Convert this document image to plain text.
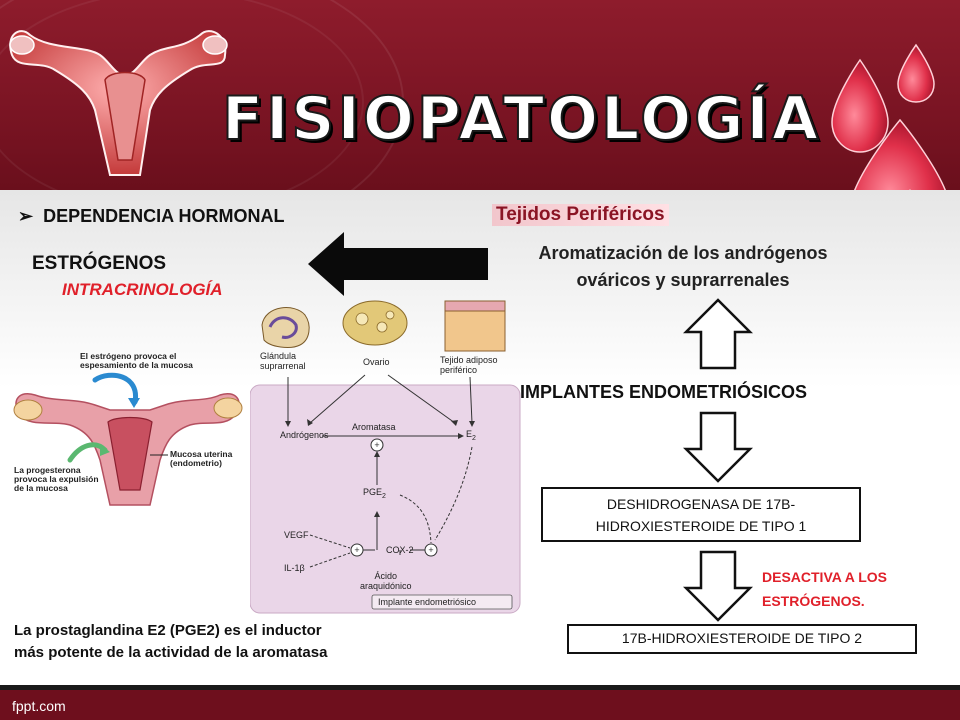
FISIOPATOLOGÍA
➢ DEPENDENCIA HORMONAL
ESTRÓGENOS
INTRACRINOLOGÍA
Tejidos Periféricos
Aromatización de los andrógenos
ováricos y suprarrenales
IMPLANTES ENDOMETRIÓSICOS
DESHIDROGENASA DE 17B-
HIDROXIESTEROIDE DE TIPO 1
DESACTIVA A LOS
ESTRÓGENOS.
17B-HIDROXIESTEROIDE DE TIPO 2
El estrógeno provoca el
espesamiento de la mucosa
Mucosa uterina
(endometrio)
La progesterona
provoca la expulsión
de la mucosa
+
+	+
Glándula
suprarrenal	Ovario	Tejido adiposo
periférico
Andrógenos
Aromatasa
$E_2$
$PGE_2$
VEGF
IL-1β
COX-2
Ácido
araquidónico
Implante endometriósico
La prostaglandina E2 (PGE2) es el inductor
más potente de la actividad de la aromatasa
fppt.com
